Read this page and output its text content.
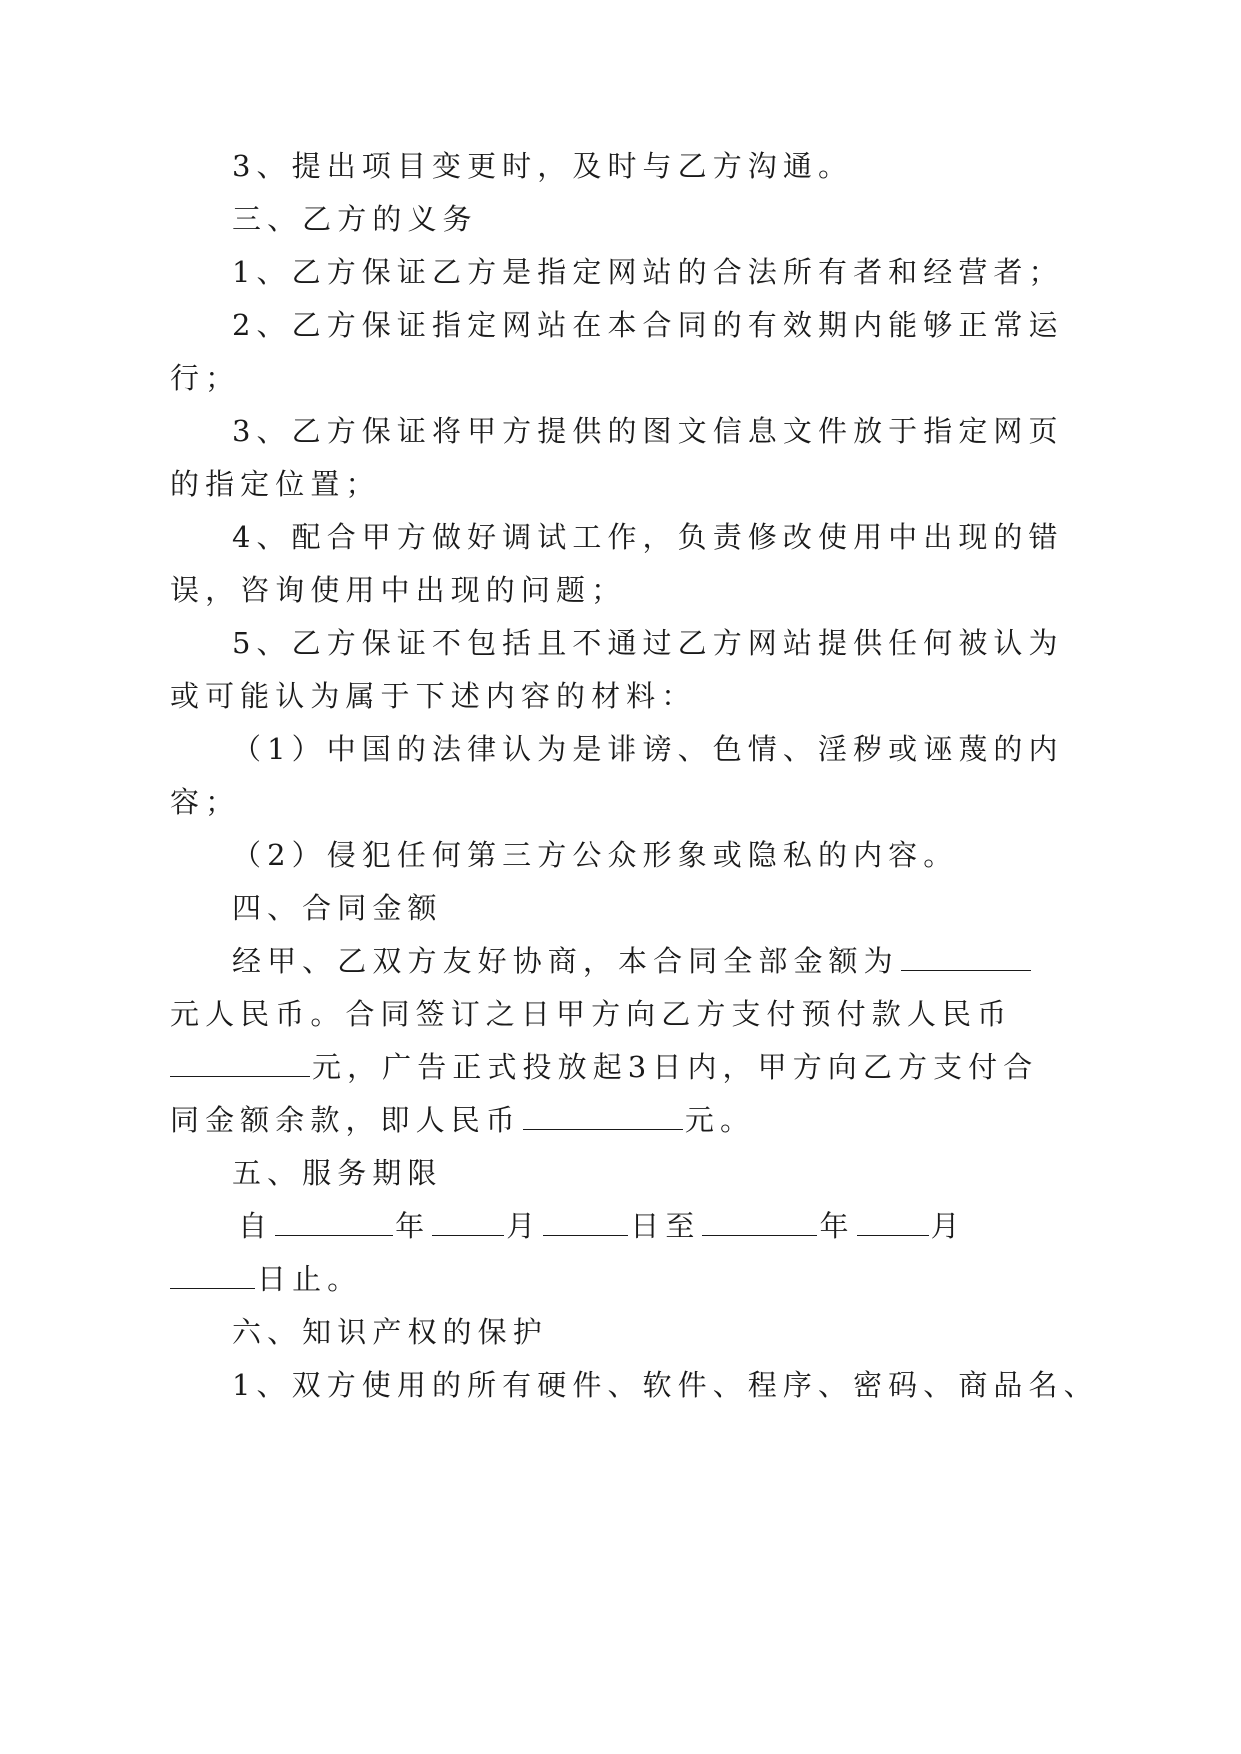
3、提出项目变更时，及时与乙方沟通。
三、乙方的义务
1、乙方保证乙方是指定网站的合法所有者和经营者；
2、乙方保证指定网站在本合同的有效期内能够正常运
行；
3、乙方保证将甲方提供的图文信息文件放于指定网页
的指定位置；
4、配合甲方做好调试工作，负责修改使用中出现的错
误，咨询使用中出现的问题；
5、乙方保证不包括且不通过乙方网站提供任何被认为
或可能认为属于下述内容的材料：
（1）中国的法律认为是诽谤、色情、淫秽或诬蔑的内
容；
（2）侵犯任何第三方公众形象或隐私的内容。
四、合同金额
经甲、乙双方友好协商，本合同全部金额为
元人民币。合同签订之日甲方向乙方支付预付款人民币
元，广告正式投放起3日内，甲方向乙方支付合
同金额余款，即人民币	元。
五、服务期限
自	年	月	日至	年	月
日止。
六、知识产权的保护
1、双方使用的所有硬件、软件、程序、密码、商品名、
